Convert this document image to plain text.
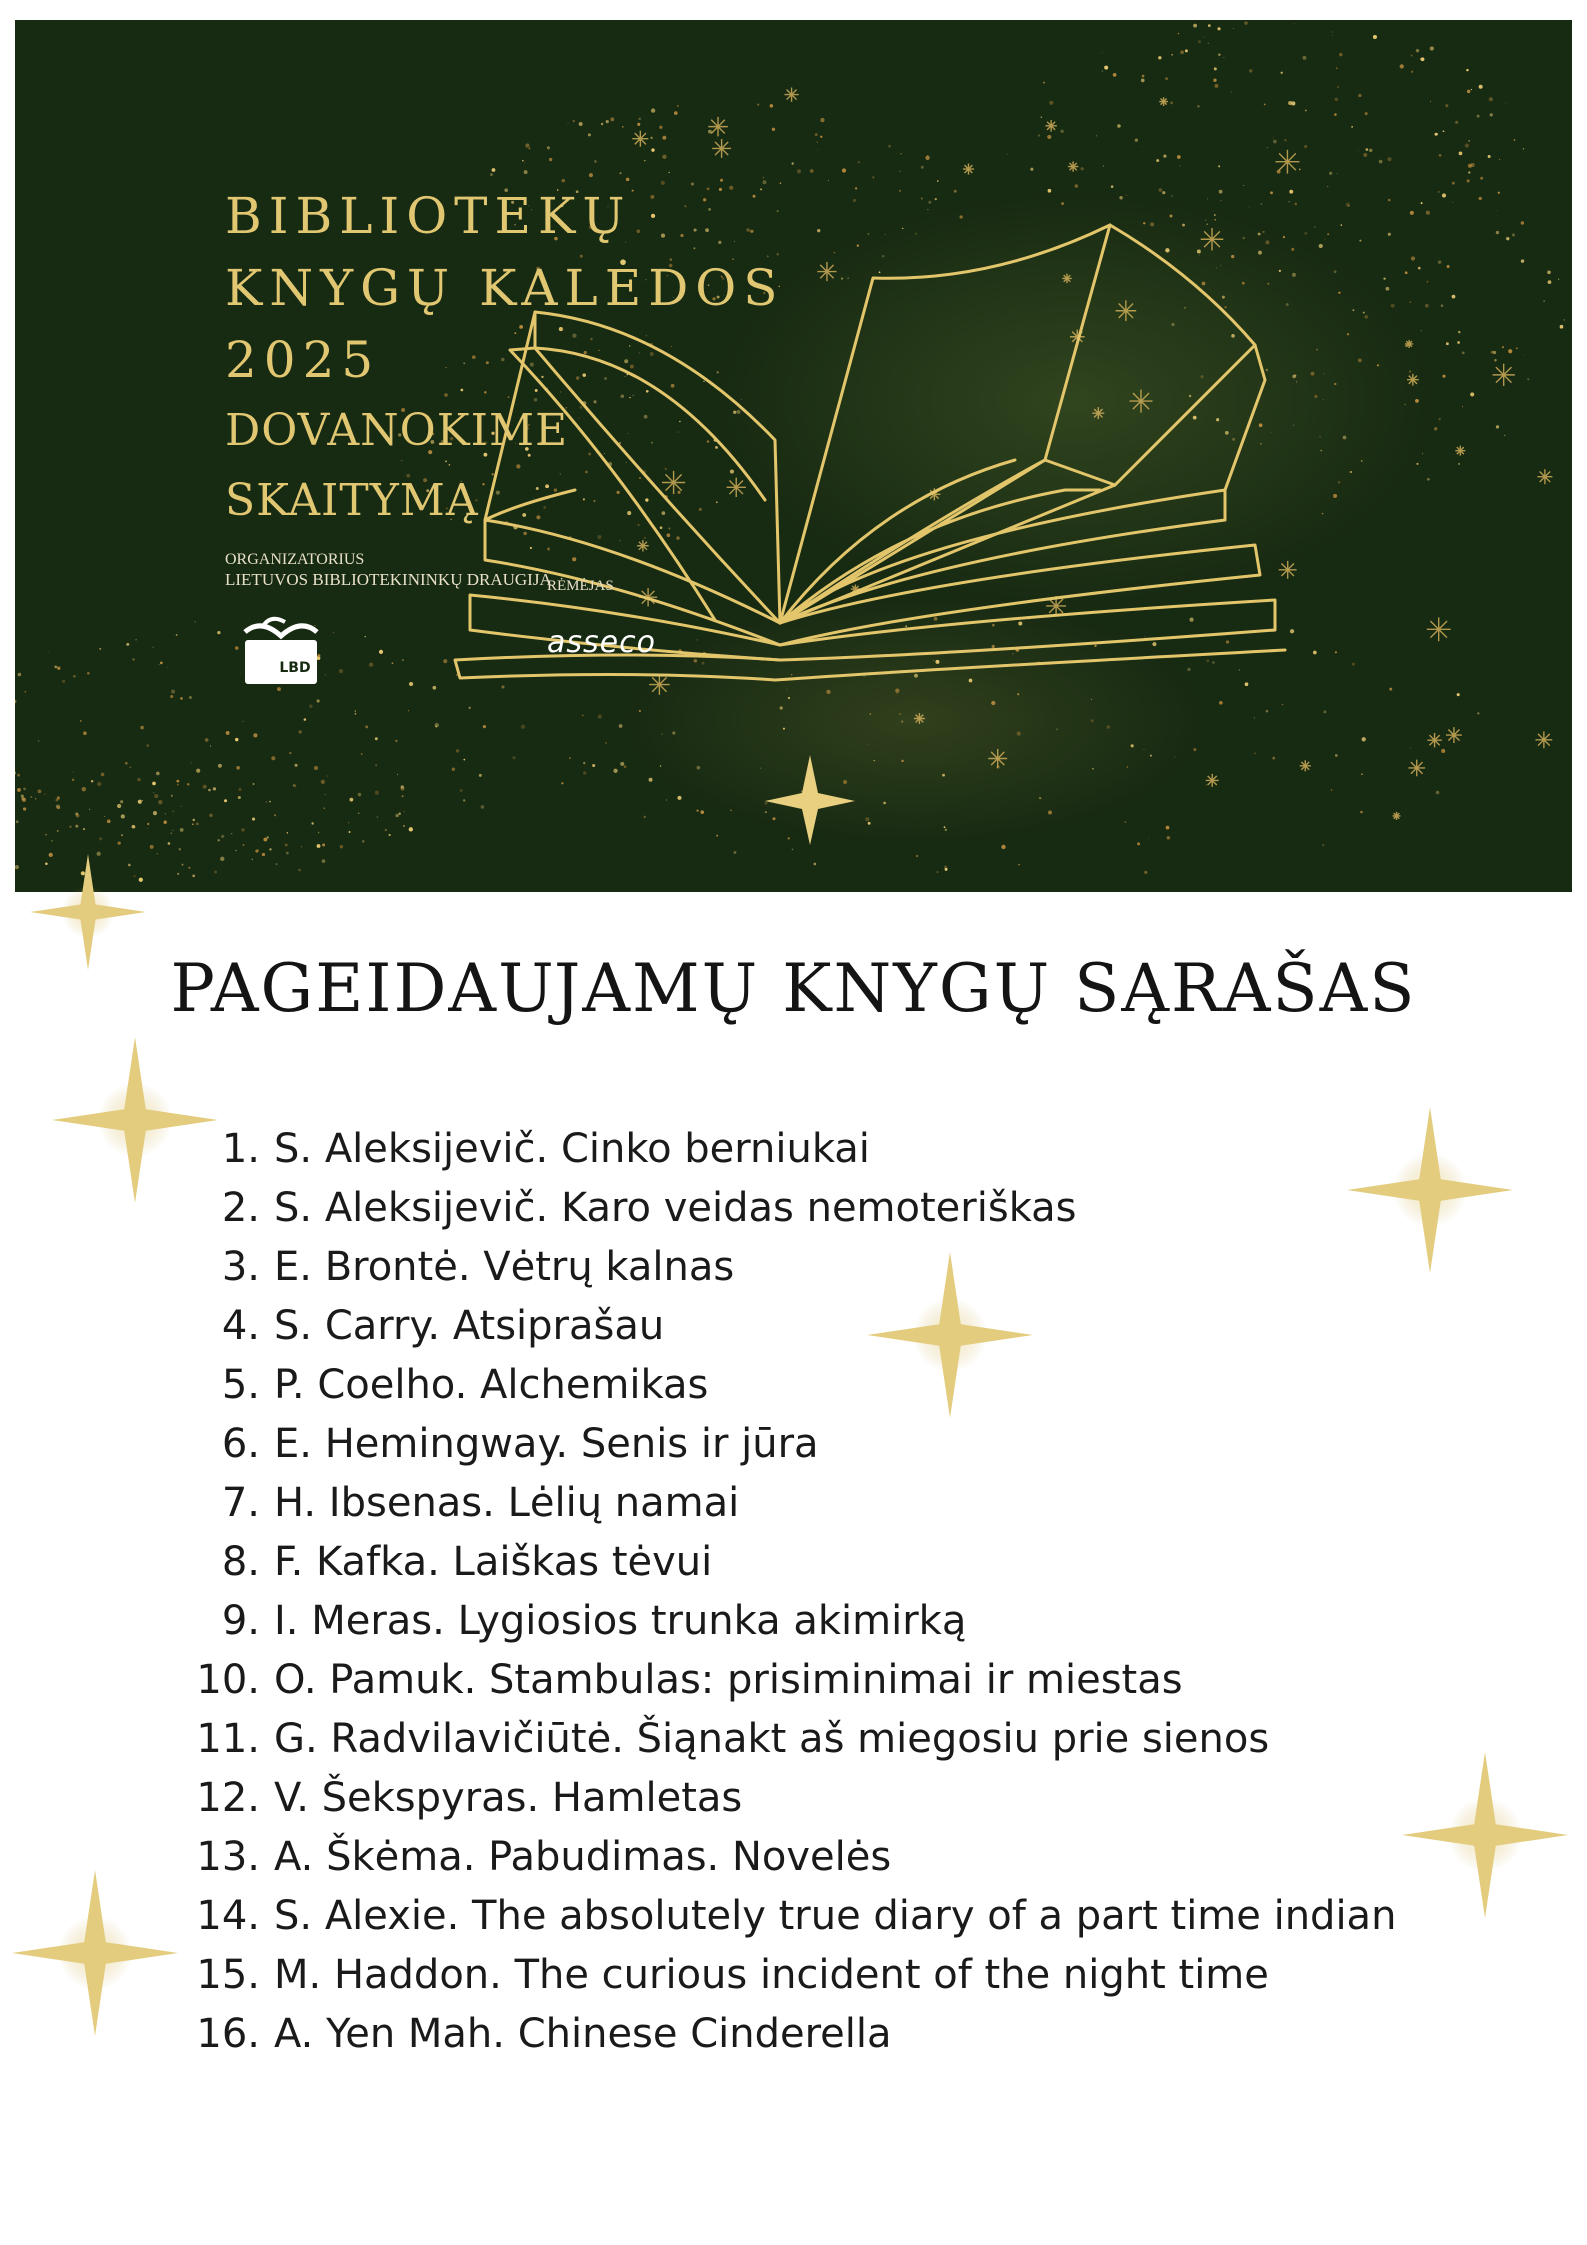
BIBLIOTEKŲ
KNYGŲ KALĖDOS
2025
DOVANOKIME
SKAITYMĄ
ORGANIZATORIUS
LIETUVOS BIBLIOTEKININKŲ DRAUGIJA
RĖMĖJAS
LBD
asseco
PAGEIDAUJAMŲ KNYGŲ SĄRAŠAS
1. S. Aleksijevič. Cinko berniukai
2. S. Aleksijevič. Karo veidas nemoteriškas
3. E. Brontė. Vėtrų kalnas
4. S. Carry. Atsiprašau
5. P. Coelho. Alchemikas
6. E. Hemingway. Senis ir jūra
7. H. Ibsenas. Lėlių namai
8. F. Kafka. Laiškas tėvui
9. I. Meras. Lygiosios trunka akimirką
10. O. Pamuk. Stambulas: prisiminimai ir miestas
11. G. Radvilavičiūtė. Šiąnakt aš miegosiu prie sienos
12. V. Šekspyras. Hamletas
13. A. Škėma. Pabudimas. Novelės
14. S. Alexie. The absolutely true diary of a part time indian
15. M. Haddon. The curious incident of the night time
16. A. Yen Mah. Chinese Cinderella
